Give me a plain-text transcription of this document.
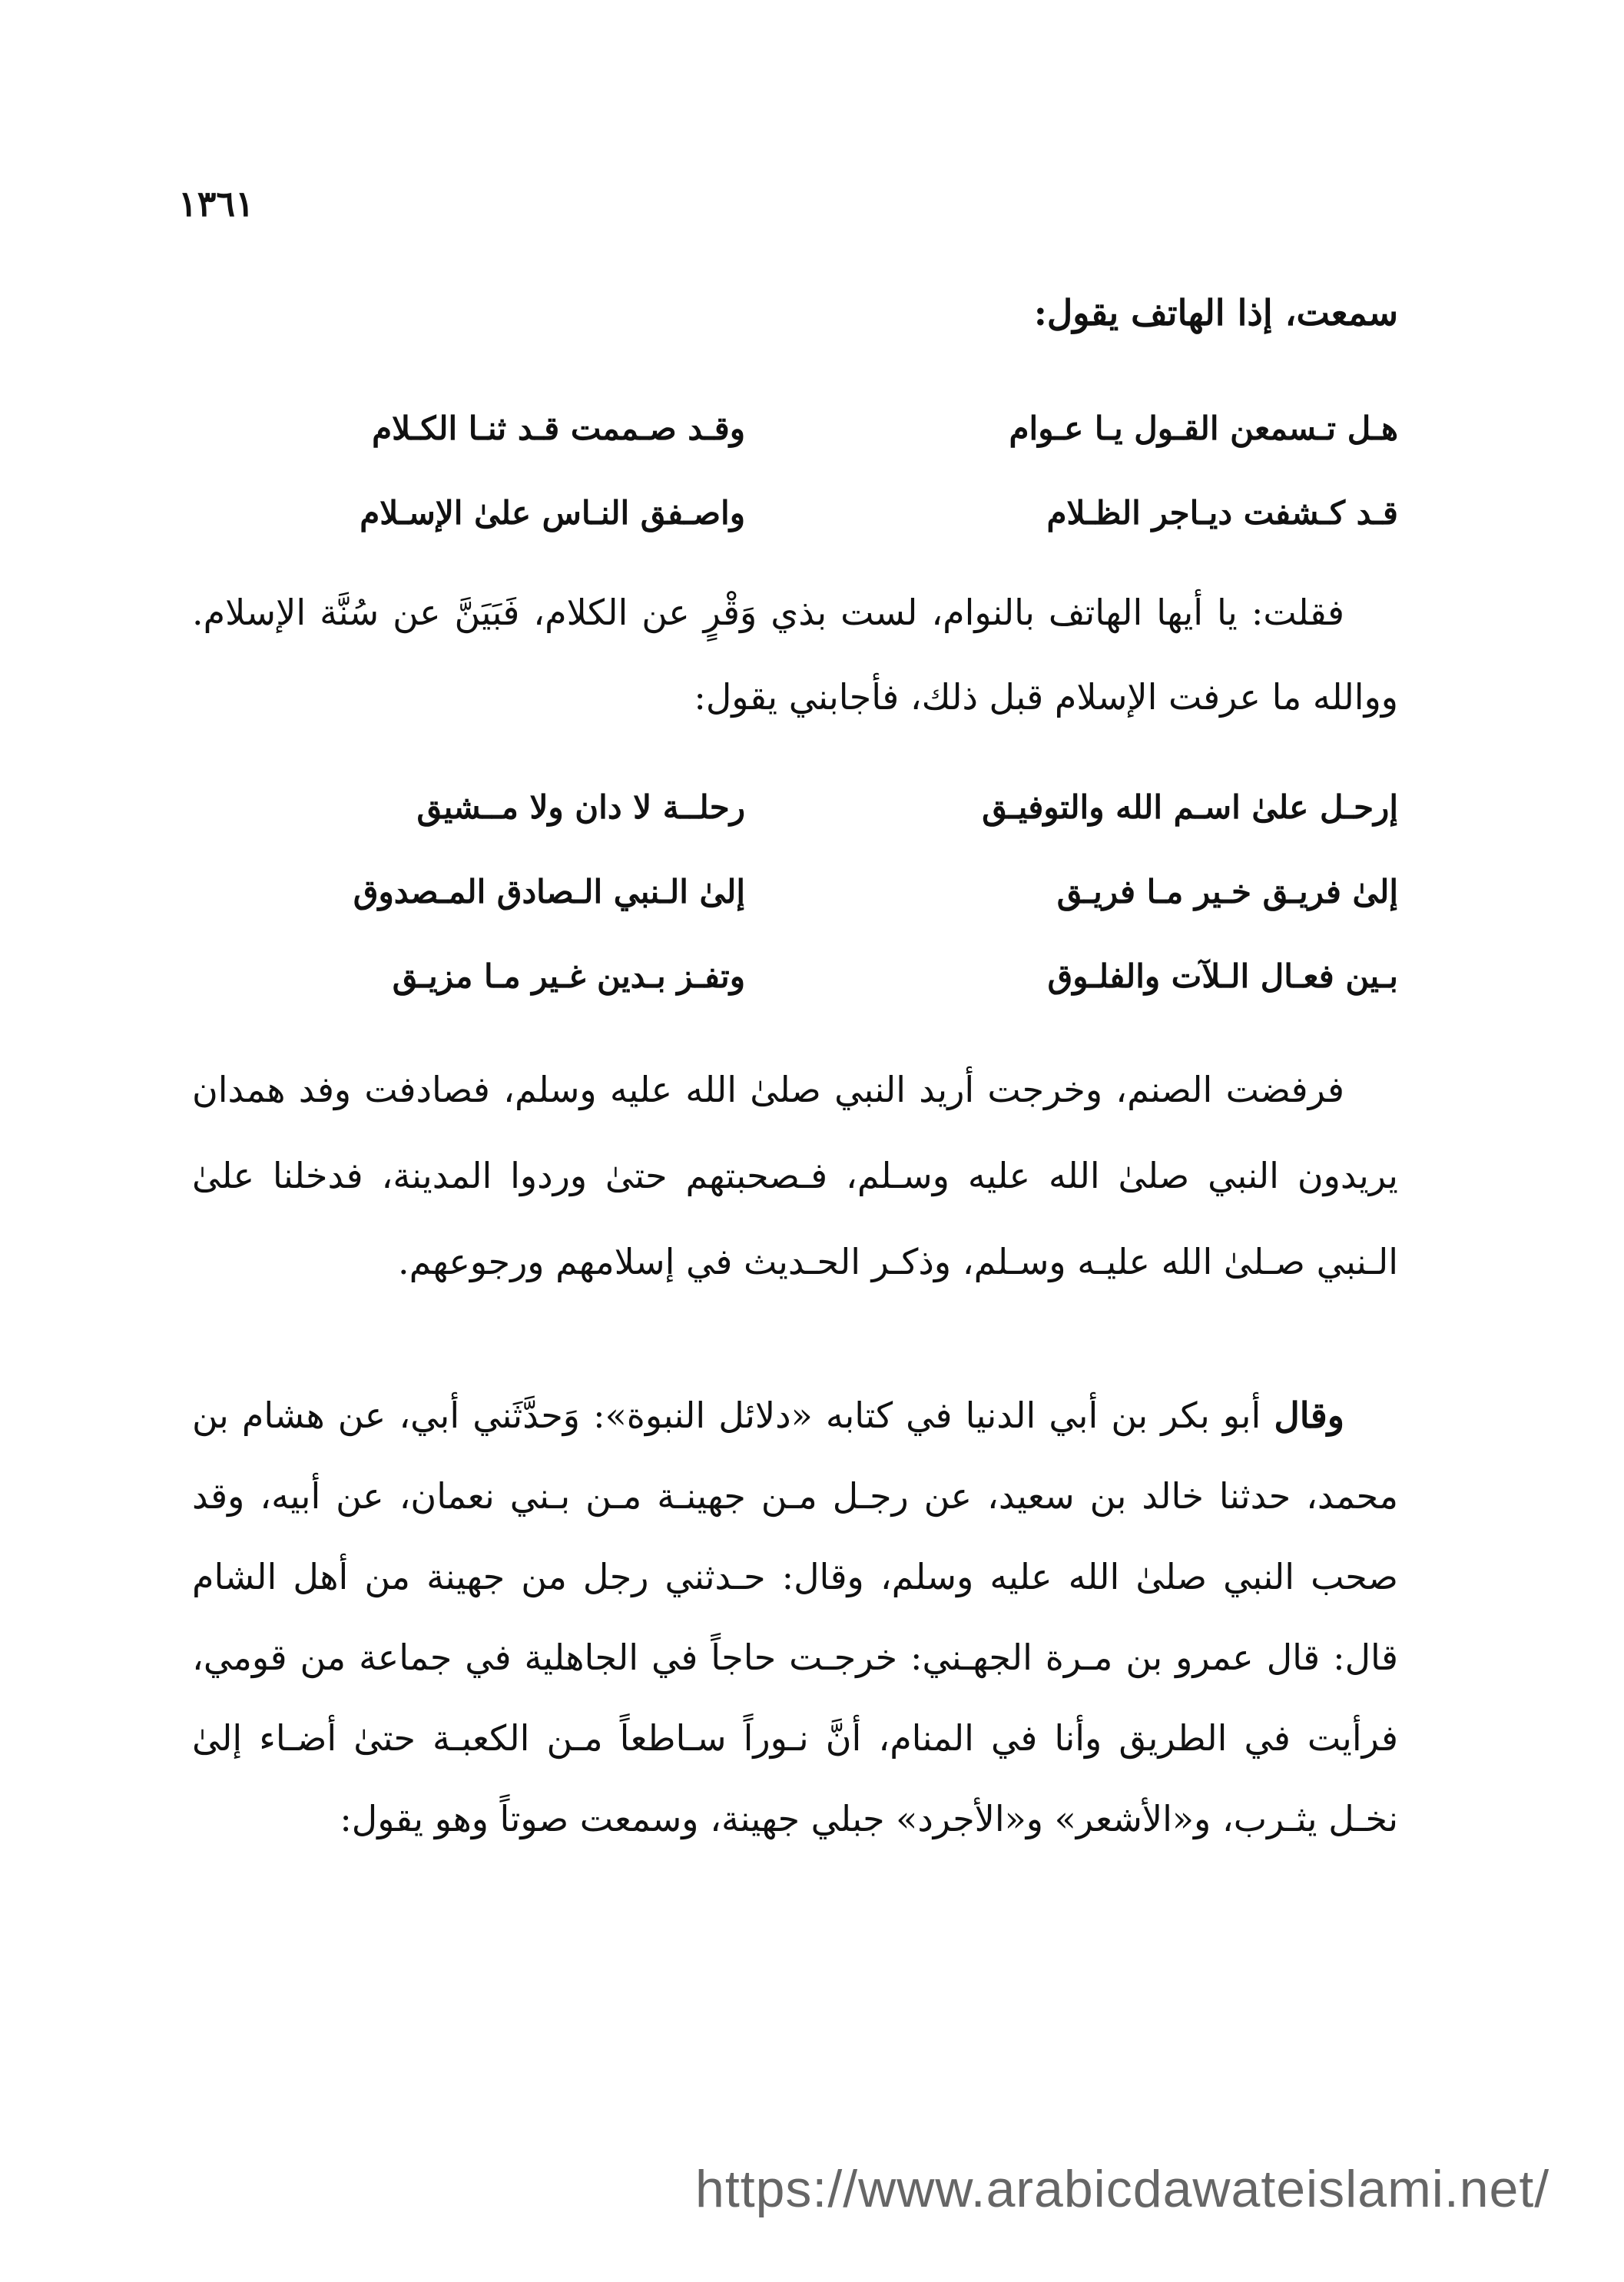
١٣٦١
سمعت، إذا الهاتف يقول:
هـل تـسمعن القـول يـا عـوام
وقـد صـممت قـد ثنـا الكـلام
قـد كـشفت ديـاجر الظـلام
واصـفق النـاس علىٰ الإسـلام
فقلت: يا أيها الهاتف بالنوام، لست بذي وَقْرٍ عن الكلام، فَبَيَنَّ عن سُنَّة الإسلام. ووالله ما عرفت الإسلام قبل ذلك، فأجابني يقول:
إرحـل علىٰ اسـم الله والتوفيـق
رحلــة لا دان ولا مــشيق
إلىٰ فريـق خـير مـا فريـق
إلىٰ الـنبي الـصادق المـصدوق
بـين فعـال الـلآت والفلـوق
وتفـز بـدين غـير مـا مزيـق
فرفضت الصنم، وخرجت أريد النبي صلىٰ الله عليه وسلم، فصادفت وفد همدان يريدون النبي صلىٰ الله عليه وسـلم، فـصحبتهم حتىٰ وردوا المدينة، فدخلنا علىٰ الـنبي صـلىٰ الله عليـه وسـلم، وذكـر الحـديث في إسلامهم ورجوعهم.
وقال أبو بكر بن أبي الدنيا في كتابه «دلائل النبوة»: وَحدَّثَني أبي، عن هشام بن محمد، حدثنا خالد بن سعيد، عن رجـل مـن جهينـة مـن بـني نعمان، عن أبيه، وقد صحب النبي صلىٰ الله عليه وسلم، وقال: حـدثني رجل من جهينة من أهل الشام قال: قال عمرو بن مـرة الجهـني: خرجـت حاجاً في الجاهلية في جماعة من قومي، فرأيت في الطريق وأنا في المنام، أنَّ نـوراً سـاطعاً مـن الكعبـة حتىٰ أضـاء إلىٰ نخـل يثـرب، و«الأشعر» و«الأجرد» جبلي جهينة، وسمعت صوتاً وهو يقول:
https://www.arabicdawateislami.net/
